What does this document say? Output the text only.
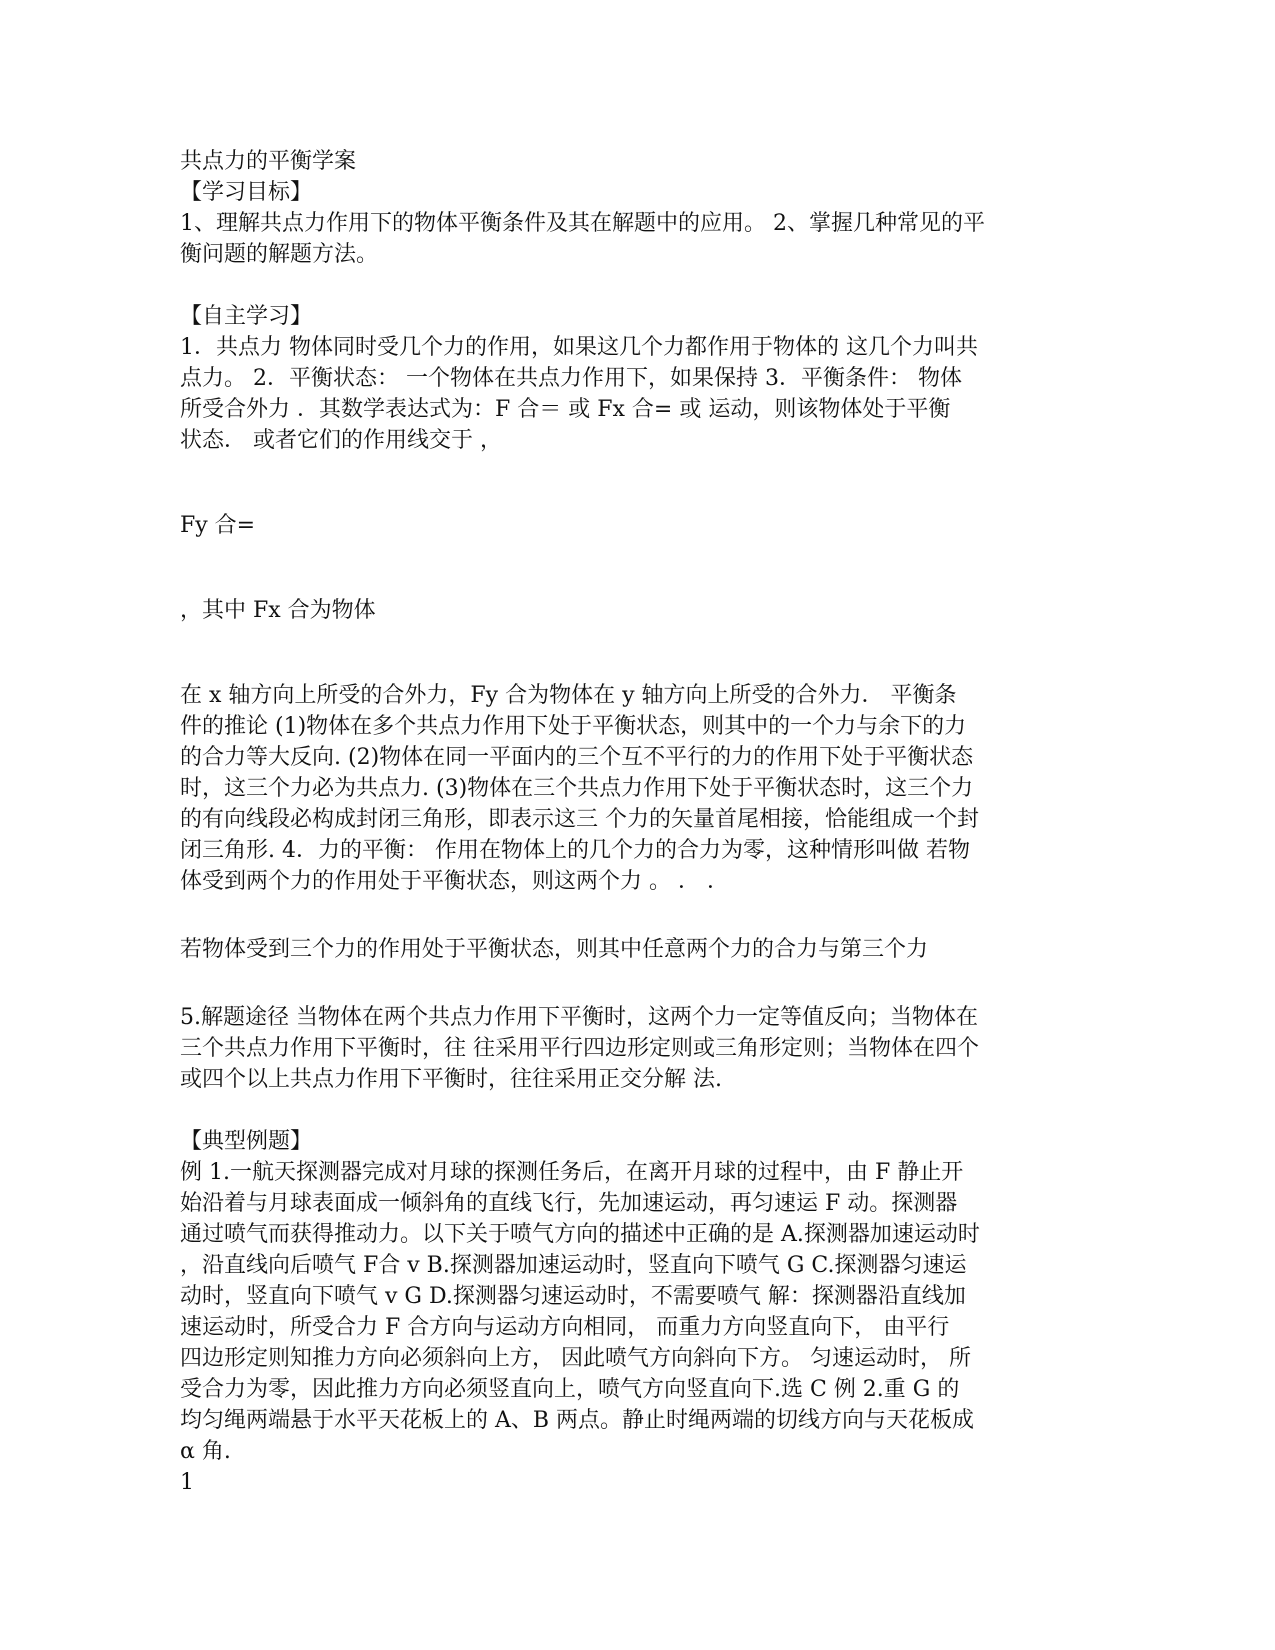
共点力的平衡学案
【学习目标】
1、理解共点力作用下的物体平衡条件及其在解题中的应用。 2、掌握几种常见的平
衡问题的解题方法。
【自主学习】
1．共点力 物体同时受几个力的作用，如果这几个力都作用于物体的 这几个力叫共
点力。 2．平衡状态： 一个物体在共点力作用下，如果保持 3．平衡条件： 物体
所受合外力 ．其数学表达式为：F 合＝ 或 Fx 合= 或 运动，则该物体处于平衡
状态． 或者它们的作用线交于 ，
Fy 合=
，其中 Fx 合为物体
在 x 轴方向上所受的合外力，Fy 合为物体在 y 轴方向上所受的合外力． 平衡条
件的推论 (1)物体在多个共点力作用下处于平衡状态，则其中的一个力与余下的力
的合力等大反向. (2)物体在同一平面内的三个互不平行的力的作用下处于平衡状态
时，这三个力必为共点力. (3)物体在三个共点力作用下处于平衡状态时，这三个力
的有向线段必构成封闭三角形，即表示这三 个力的矢量首尾相接，恰能组成一个封
闭三角形. 4．力的平衡： 作用在物体上的几个力的合力为零，这种情形叫做 若物
体受到两个力的作用处于平衡状态，则这两个力 。 ． ．
若物体受到三个力的作用处于平衡状态，则其中任意两个力的合力与第三个力
5.解题途径 当物体在两个共点力作用下平衡时，这两个力一定等值反向；当物体在
三个共点力作用下平衡时，往 往采用平行四边形定则或三角形定则；当物体在四个
或四个以上共点力作用下平衡时，往往采用正交分解 法.
【典型例题】
例 1.一航天探测器完成对月球的探测任务后，在离开月球的过程中，由 F 静止开
始沿着与月球表面成一倾斜角的直线飞行，先加速运动，再匀速运 F 动。探测器
通过喷气而获得推动力。以下关于喷气方向的描述中正确的是 A.探测器加速运动时
，沿直线向后喷气 F合 v B.探测器加速运动时，竖直向下喷气 G C.探测器匀速运
动时，竖直向下喷气 v G D.探测器匀速运动时，不需要喷气 解：探测器沿直线加
速运动时，所受合力 F 合方向与运动方向相同， 而重力方向竖直向下， 由平行
四边形定则知推力方向必须斜向上方， 因此喷气方向斜向下方。 匀速运动时， 所
受合力为零，因此推力方向必须竖直向上，喷气方向竖直向下.选 C 例 2.重 G 的
均匀绳两端悬于水平天花板上的 A、B 两点。静止时绳两端的切线方向与天花板成
α 角.
1
